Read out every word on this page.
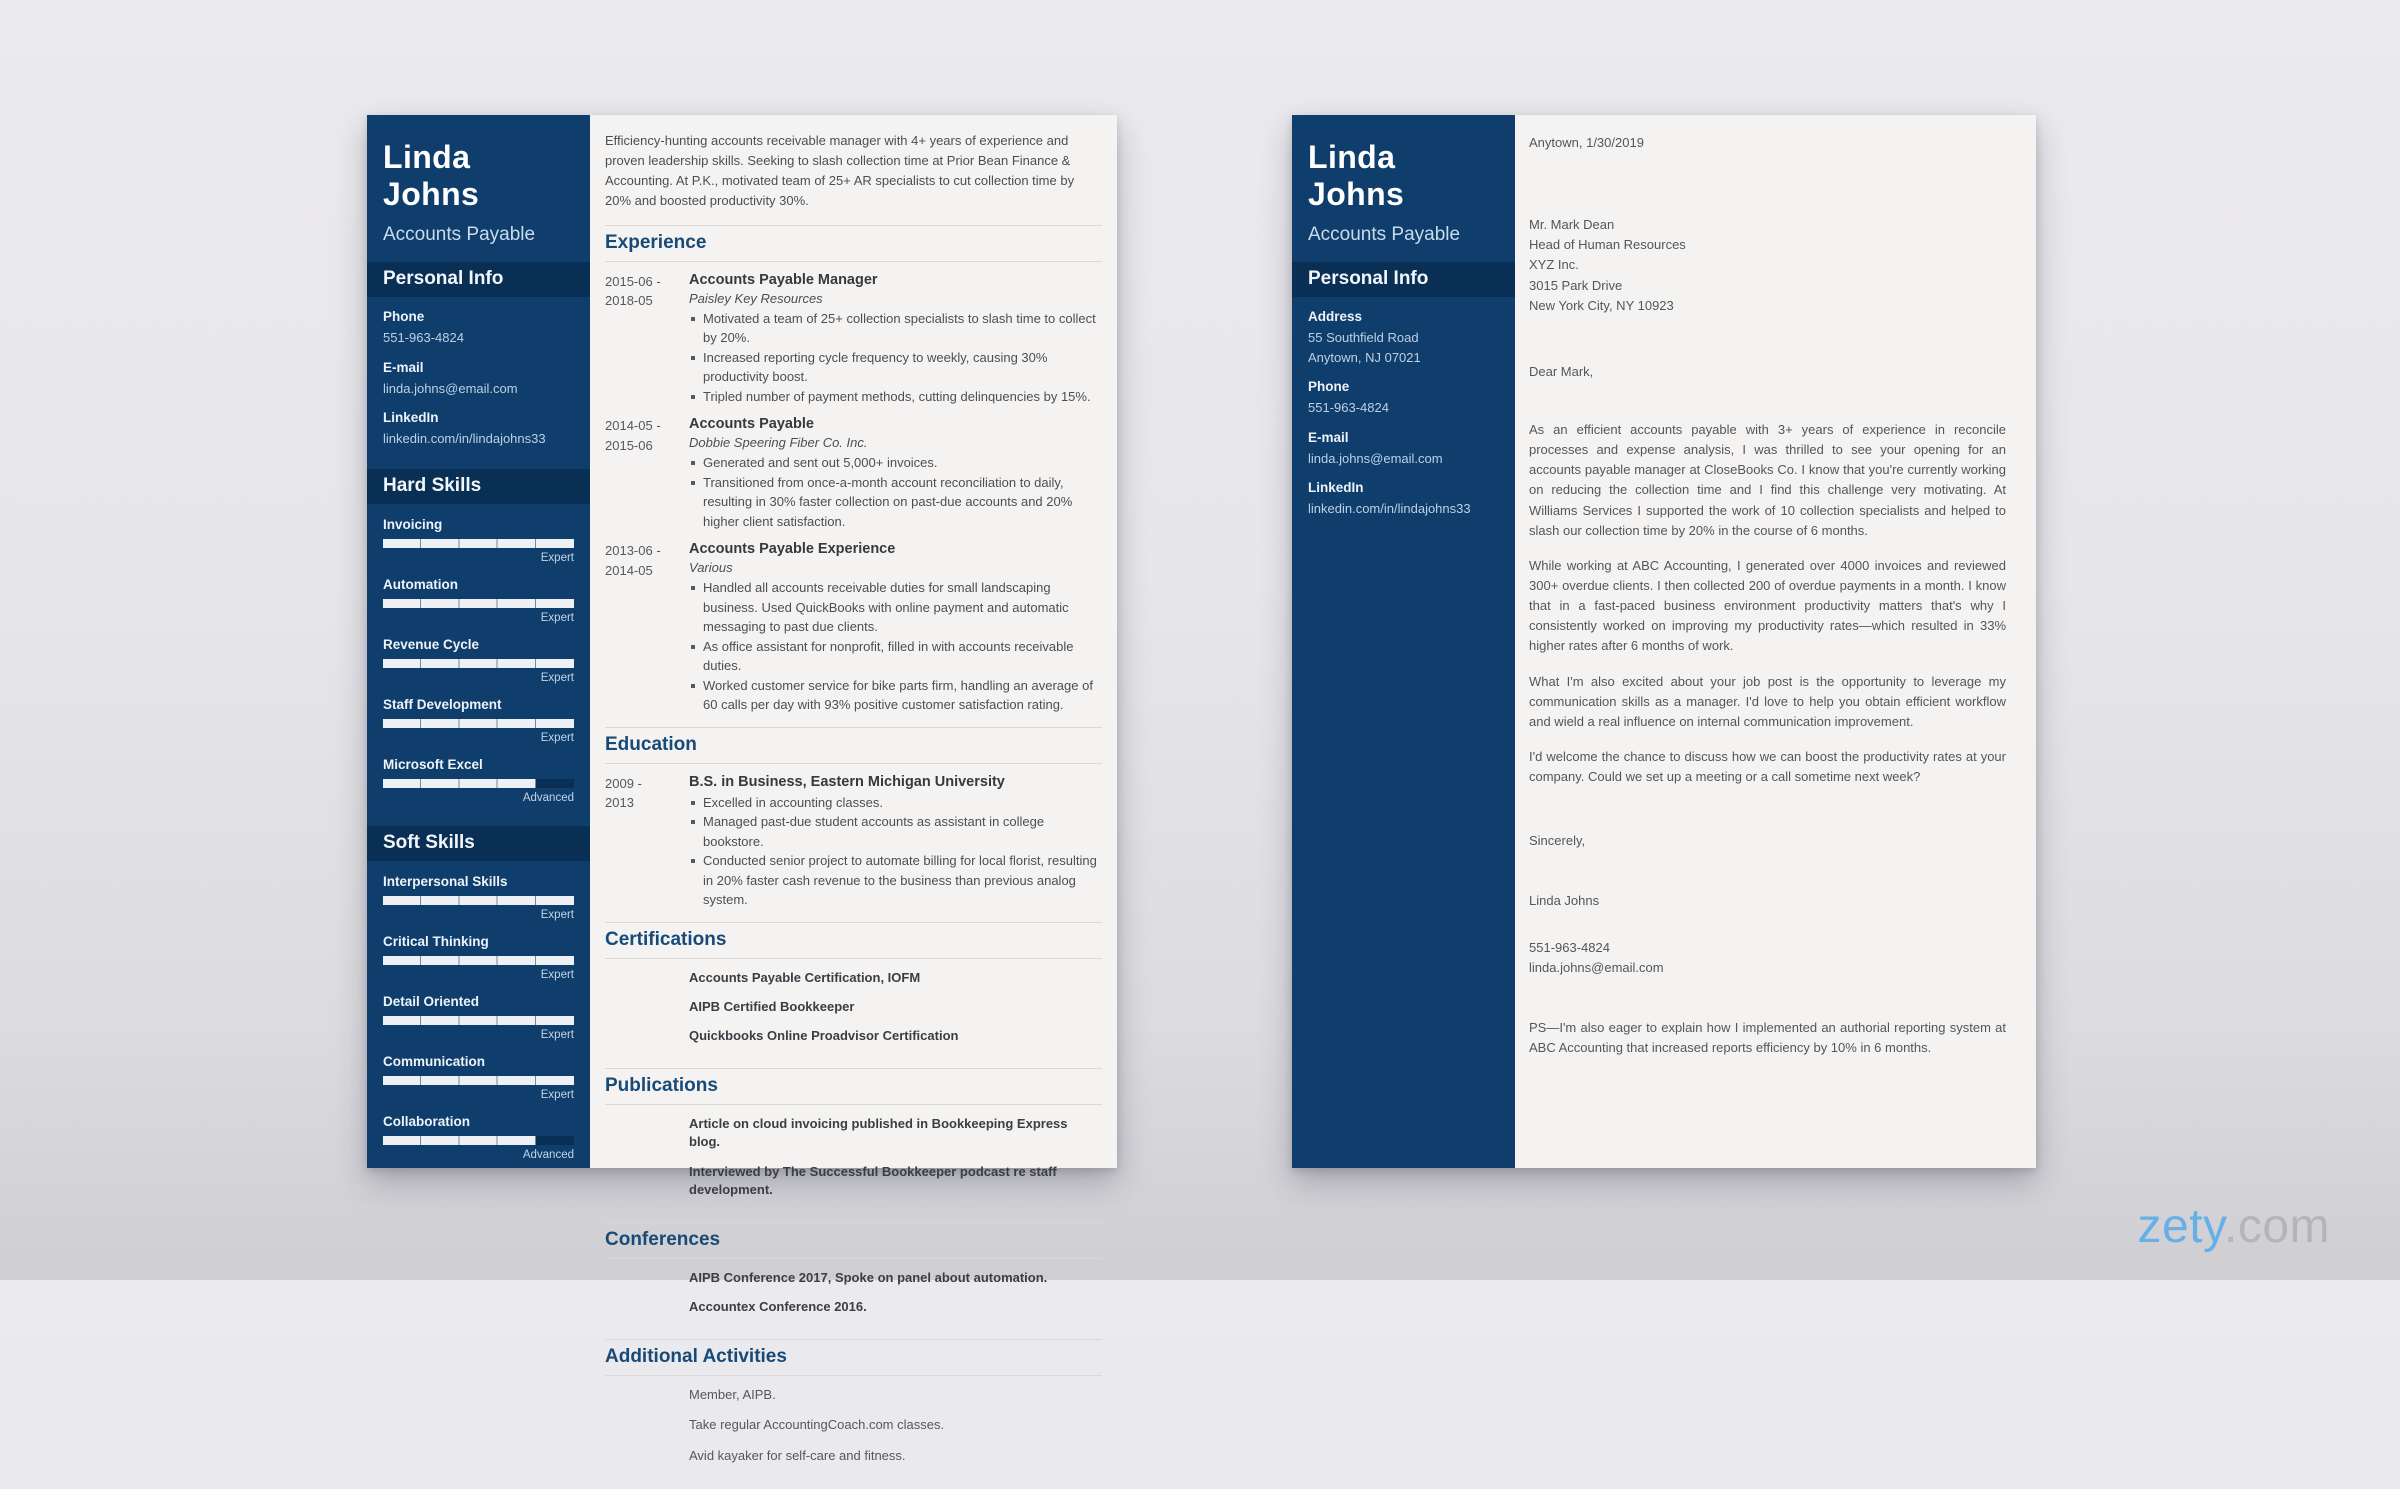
Linda Johns
Accounts Payable
Personal Info
Phone
551-963-4824
E-mail
linda.johns@email.com
LinkedIn
linkedin.com/in/lindajohns33
Hard Skills
Invoicing
Expert
Automation
Expert
Revenue Cycle
Expert
Staff Development
Expert
Microsoft Excel
Advanced
Soft Skills
Interpersonal Skills
Expert
Critical Thinking
Expert
Detail Oriented
Expert
Communication
Expert
Collaboration
Advanced
Efficiency-hunting accounts receivable manager with 4+ years of experience and proven leadership skills. Seeking to slash collection time at Prior Bean Finance & Accounting. At P.K., motivated team of 25+ AR specialists to cut collection time by 20% and boosted productivity 30%.
Experience
2015-06 -
2018-05
Accounts Payable Manager
Paisley Key Resources
Motivated a team of 25+ collection specialists to slash time to collect by 20%.
Increased reporting cycle frequency to weekly, causing 30% productivity boost.
Tripled number of payment methods, cutting delinquencies by 15%.
2014-05 -
2015-06
Accounts Payable
Dobbie Speering Fiber Co. Inc.
Generated and sent out 5,000+ invoices.
Transitioned from once-a-month account reconciliation to daily, resulting in 30% faster collection on past-due accounts and 20% higher client satisfaction.
2013-06 -
2014-05
Accounts Payable Experience
Various
Handled all accounts receivable duties for small landscaping business. Used QuickBooks with online payment and automatic messaging to past due clients.
As office assistant for nonprofit, filled in with accounts receivable duties.
Worked customer service for bike parts firm, handling an average of 60 calls per day with 93% positive customer satisfaction rating.
Education
2009 -
2013
B.S. in Business, Eastern Michigan University
Excelled in accounting classes.
Managed past-due student accounts as assistant in college bookstore.
Conducted senior project to automate billing for local florist, resulting in 20% faster cash revenue to the business than previous analog system.
Certifications
Accounts Payable Certification, IOFM
AIPB Certified Bookkeeper
Quickbooks Online Proadvisor Certification
Publications
Article on cloud invoicing published in Bookkeeping Express blog.
Interviewed by The Successful Bookkeeper podcast re staff development.
Conferences
AIPB Conference 2017, Spoke on panel about automation.
Accountex Conference 2016.
Additional Activities
Member, AIPB.
Take regular AccountingCoach.com classes.
Avid kayaker for self-care and fitness.
Linda Johns
Accounts Payable
Personal Info
Address
55 Southfield Road
Anytown, NJ 07021
Phone
551-963-4824
E-mail
linda.johns@email.com
LinkedIn
linkedin.com/in/lindajohns33
Anytown, 1/30/2019
Mr. Mark Dean
Head of Human Resources
XYZ Inc.
3015 Park Drive
New York City, NY 10923
Dear Mark,
As an efficient accounts payable with 3+ years of experience in reconcile processes and expense analysis, I was thrilled to see your opening for an accounts payable manager at CloseBooks Co. I know that you're currently working on reducing the collection time and I find this challenge very motivating. At Williams Services I supported the work of 10 collection specialists and helped to slash our collection time by 20% in the course of 6 months.
While working at ABC Accounting, I generated over 4000 invoices and reviewed 300+ overdue clients. I then collected 200 of overdue payments in a month. I know that in a fast-paced business environment productivity matters that's why I consistently worked on improving my productivity rates—which resulted in 33% higher rates after 6 months of work.
What I'm also excited about your job post is the opportunity to leverage my communication skills as a manager. I'd love to help you obtain efficient workflow and wield a real influence on internal communication improvement.
I'd welcome the chance to discuss how we can boost the productivity rates at your company. Could we set up a meeting or a call sometime next week?
Sincerely,
Linda Johns
551-963-4824
linda.johns@email.com
PS—I'm also eager to explain how I implemented an authorial reporting system at ABC Accounting that increased reports efficiency by 10% in 6 months.
zety.com
